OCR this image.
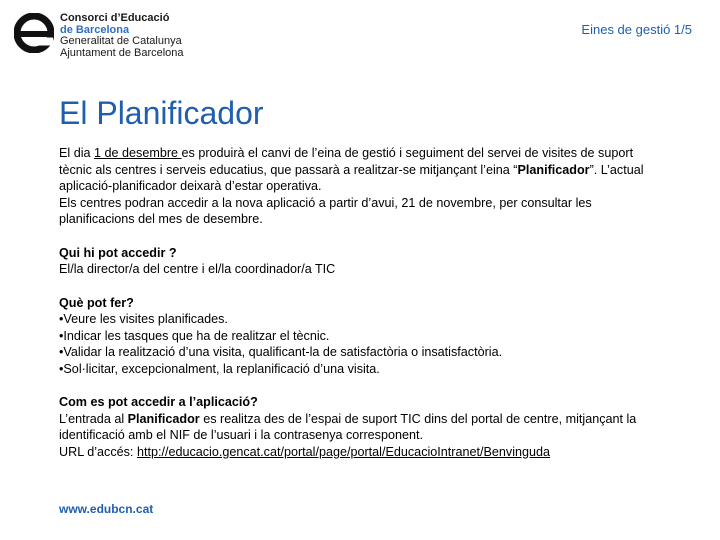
Consorci d’Educació
de Barcelona
Generalitat de Catalunya
Ajuntament de Barcelona
Eines de gestió 1/5
El Planificador

El dia 1 de desembre es produirà el canvi de l’eina de gestió i seguiment del servei de visites de suport tècnic als centres i serveis educatius, que passarà a realitzar-se mitjançant l’eina “Planificador”. L’actual aplicació-planificador deixarà d’estar operativa.

Els centres podran accedir a la nova aplicació a partir d’avui, 21 de novembre, per consultar les planificacions del mes de desembre.

Qui hi pot accedir ?

El/la director/a del centre i el/la coordinador/a TIC

Què pot fer?

•Veure les visites planificades.

•Indicar les tasques que ha de realitzar el tècnic.

•Validar la realització d’una visita, qualificant-la de satisfactòria o insatisfactòria.

•Sol·licitar, excepcionalment, la replanificació d’una visita.

Com es pot accedir a l’aplicació?

L’entrada al Planificador es realitza des de l’espai de suport TIC dins del portal de centre, mitjançant la identificació amb el NIF de l’usuari i la contrasenya corresponent.

URL d’accés: http://educacio.gencat.cat/portal/page/portal/EducacioIntranet/Benvinguda

www.edubcn.cat
